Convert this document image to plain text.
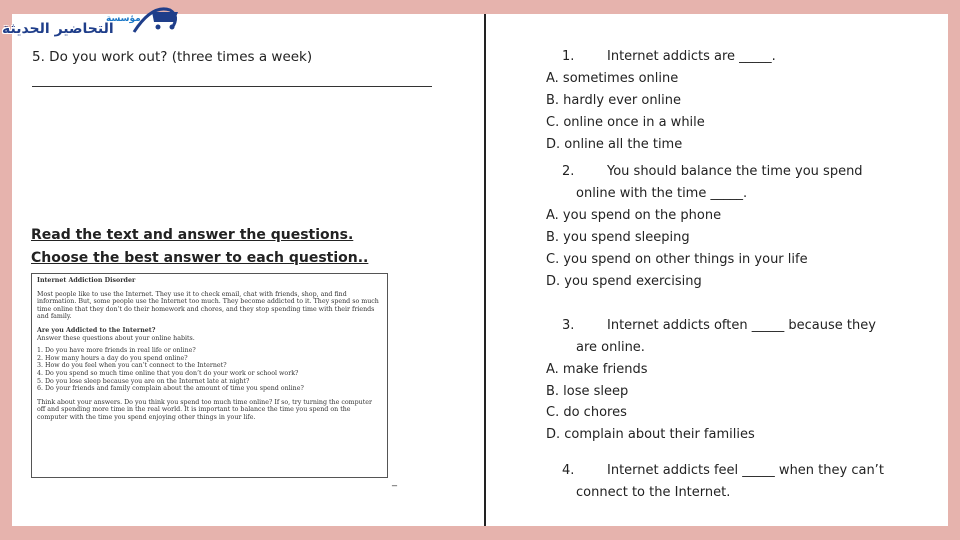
مؤسسة
التحاضير الحديثة
5. Do you work out? (three times a week)
Read the text and answer the questions.
Choose the best answer to each question..
Internet Addiction Disorder
Most people like to use the Internet. They use it to check email, chat with friends, shop, and find information. But, some people use the Internet too much. They become addicted to it. They spend so much time online that they don’t do their homework and chores, and they stop spending time with their friends and family.
Are you Addicted to the Internet?
Answer these questions about your online habits.
1. Do you have more friends in real life or online?
2. How many hours a day do you spend online?
3. How do you feel when you can’t connect to the Internet?
4. Do you spend so much time online that you don’t do your work or school work?
5. Do you lose sleep because you are on the Internet late at night?
6. Do your friends and family complain about the amount of time you spend online?
Think about your answers. Do you think you spend too much time online? If so, try turning the computer off and spending more time in the real world. It is important to balance the time you spend on the computer with the time you spend enjoying other things in your life.
_
1.	Internet addicts are _____.
A. sometimes online
B. hardly ever online
C. online once in a while
D. online all the time
2.	You should balance the time you spend
online with the time _____.
A. you spend on the phone
B. you spend sleeping
C. you spend on other things in your life
D. you spend exercising
3.	Internet addicts often _____ because they
are online.
A. make friends
B. lose sleep
C. do chores
D. complain about their families
4.	Internet addicts feel _____ when they can’t
connect to the Internet.
